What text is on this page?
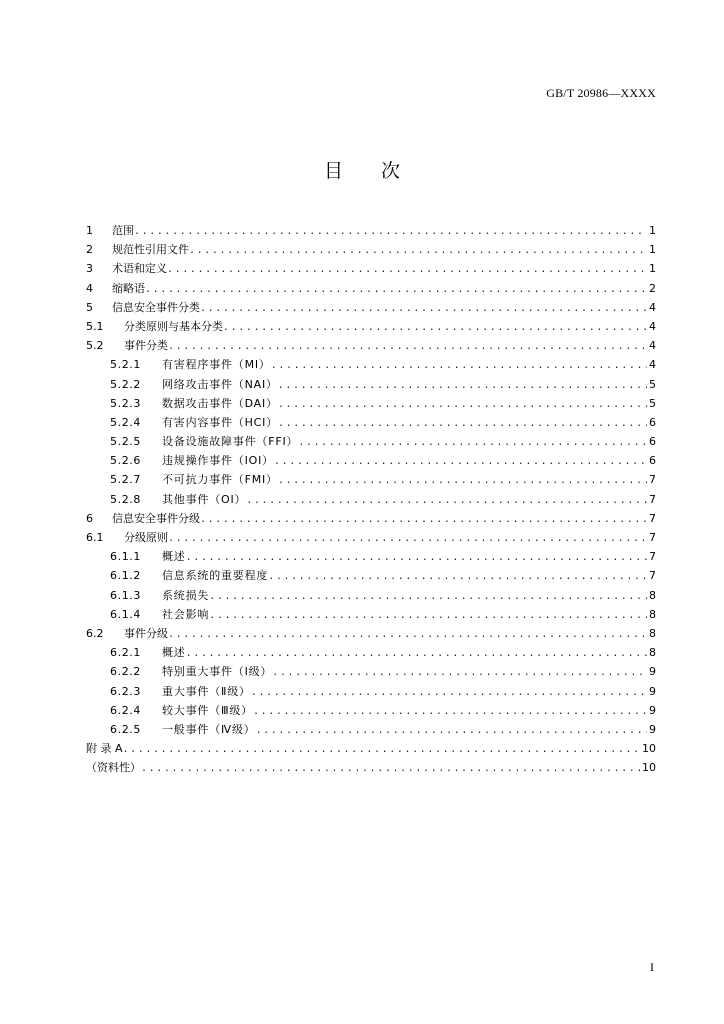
GB/T 20986—XXXX
目 次
1	范围 .....	1
2	规范性引用文件 .....	1
3	术语和定义 .....	1
4	缩略语 .....	2
5	信息安全事件分类 .....	4
5.1	分类原则与基本分类 .....	4
5.2	事件分类 .....	4
5.2.1	有害程序事件（MI） .....	4
5.2.2	网络攻击事件（NAI） .....	5
5.2.3	数据攻击事件（DAI） .....	5
5.2.4	有害内容事件（HCI） .....	6
5.2.5	设备设施故障事件（FFI） .....	6
5.2.6	违规操作事件（IOI） .....	6
5.2.7	不可抗力事件（FMI） .....	7
5.2.8	其他事件（OI） .....	7
6	信息安全事件分级 .....	7
6.1	分级原则 .....	7
6.1.1	概述 .....	7
6.1.2	信息系统的重要程度 .....	7
6.1.3	系统损失 .....	8
6.1.4	社会影响 .....	8
6.2	事件分级 .....	8
6.2.1	概述 .....	8
6.2.2	特别重大事件（Ⅰ级） .....	9
6.2.3	重大事件（Ⅱ级） .....	9
6.2.4	较大事件（Ⅲ级） .....	9
6.2.5	一般事件（Ⅳ级） .....	9
附 录 A .....	10
（资料性） .....	10
I
